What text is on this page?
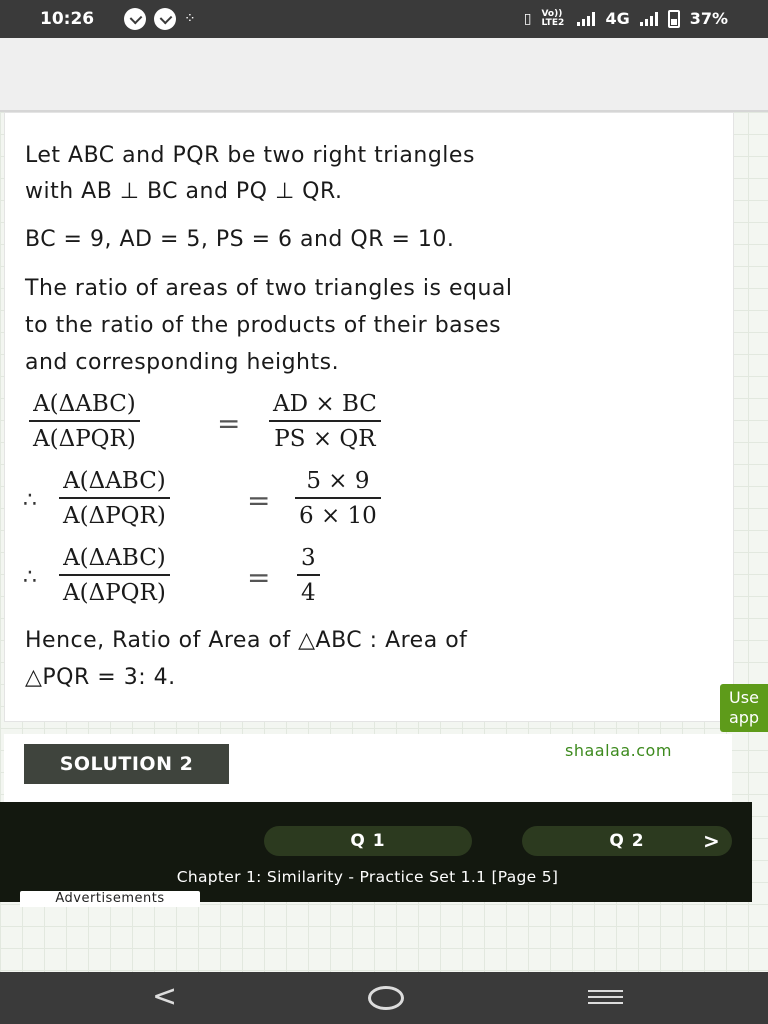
10:26	⁘	▯ Vo)) LTE2	4G	37%
Let ABC and PQR be two right triangles
with AB ⊥ BC and PQ ⊥ QR.
BC = 9, AD = 5, PS = 6 and QR = 10.
The ratio of areas of two triangles is equal
to the ratio of the products of their bases
and corresponding heights.
A(ΔABC)
A(ΔPQR)	= $\frac{AD \times BC}{PS \times QR}$
∴
A(ΔABC)
A(ΔPQR)	= $\frac{5 \times 9}{6 \times 10}$
∴
A(ΔABC)
A(ΔPQR)	= $\frac{3}{4}$
Hence, Ratio of Area of △ABC : Area of
△PQR = 3: 4.
Use
app
SOLUTION 2
shaalaa.com
Q 1	Q 2	>
Chapter 1: Similarity - Practice Set 1.1 [Page 5]
Advertisements
<
